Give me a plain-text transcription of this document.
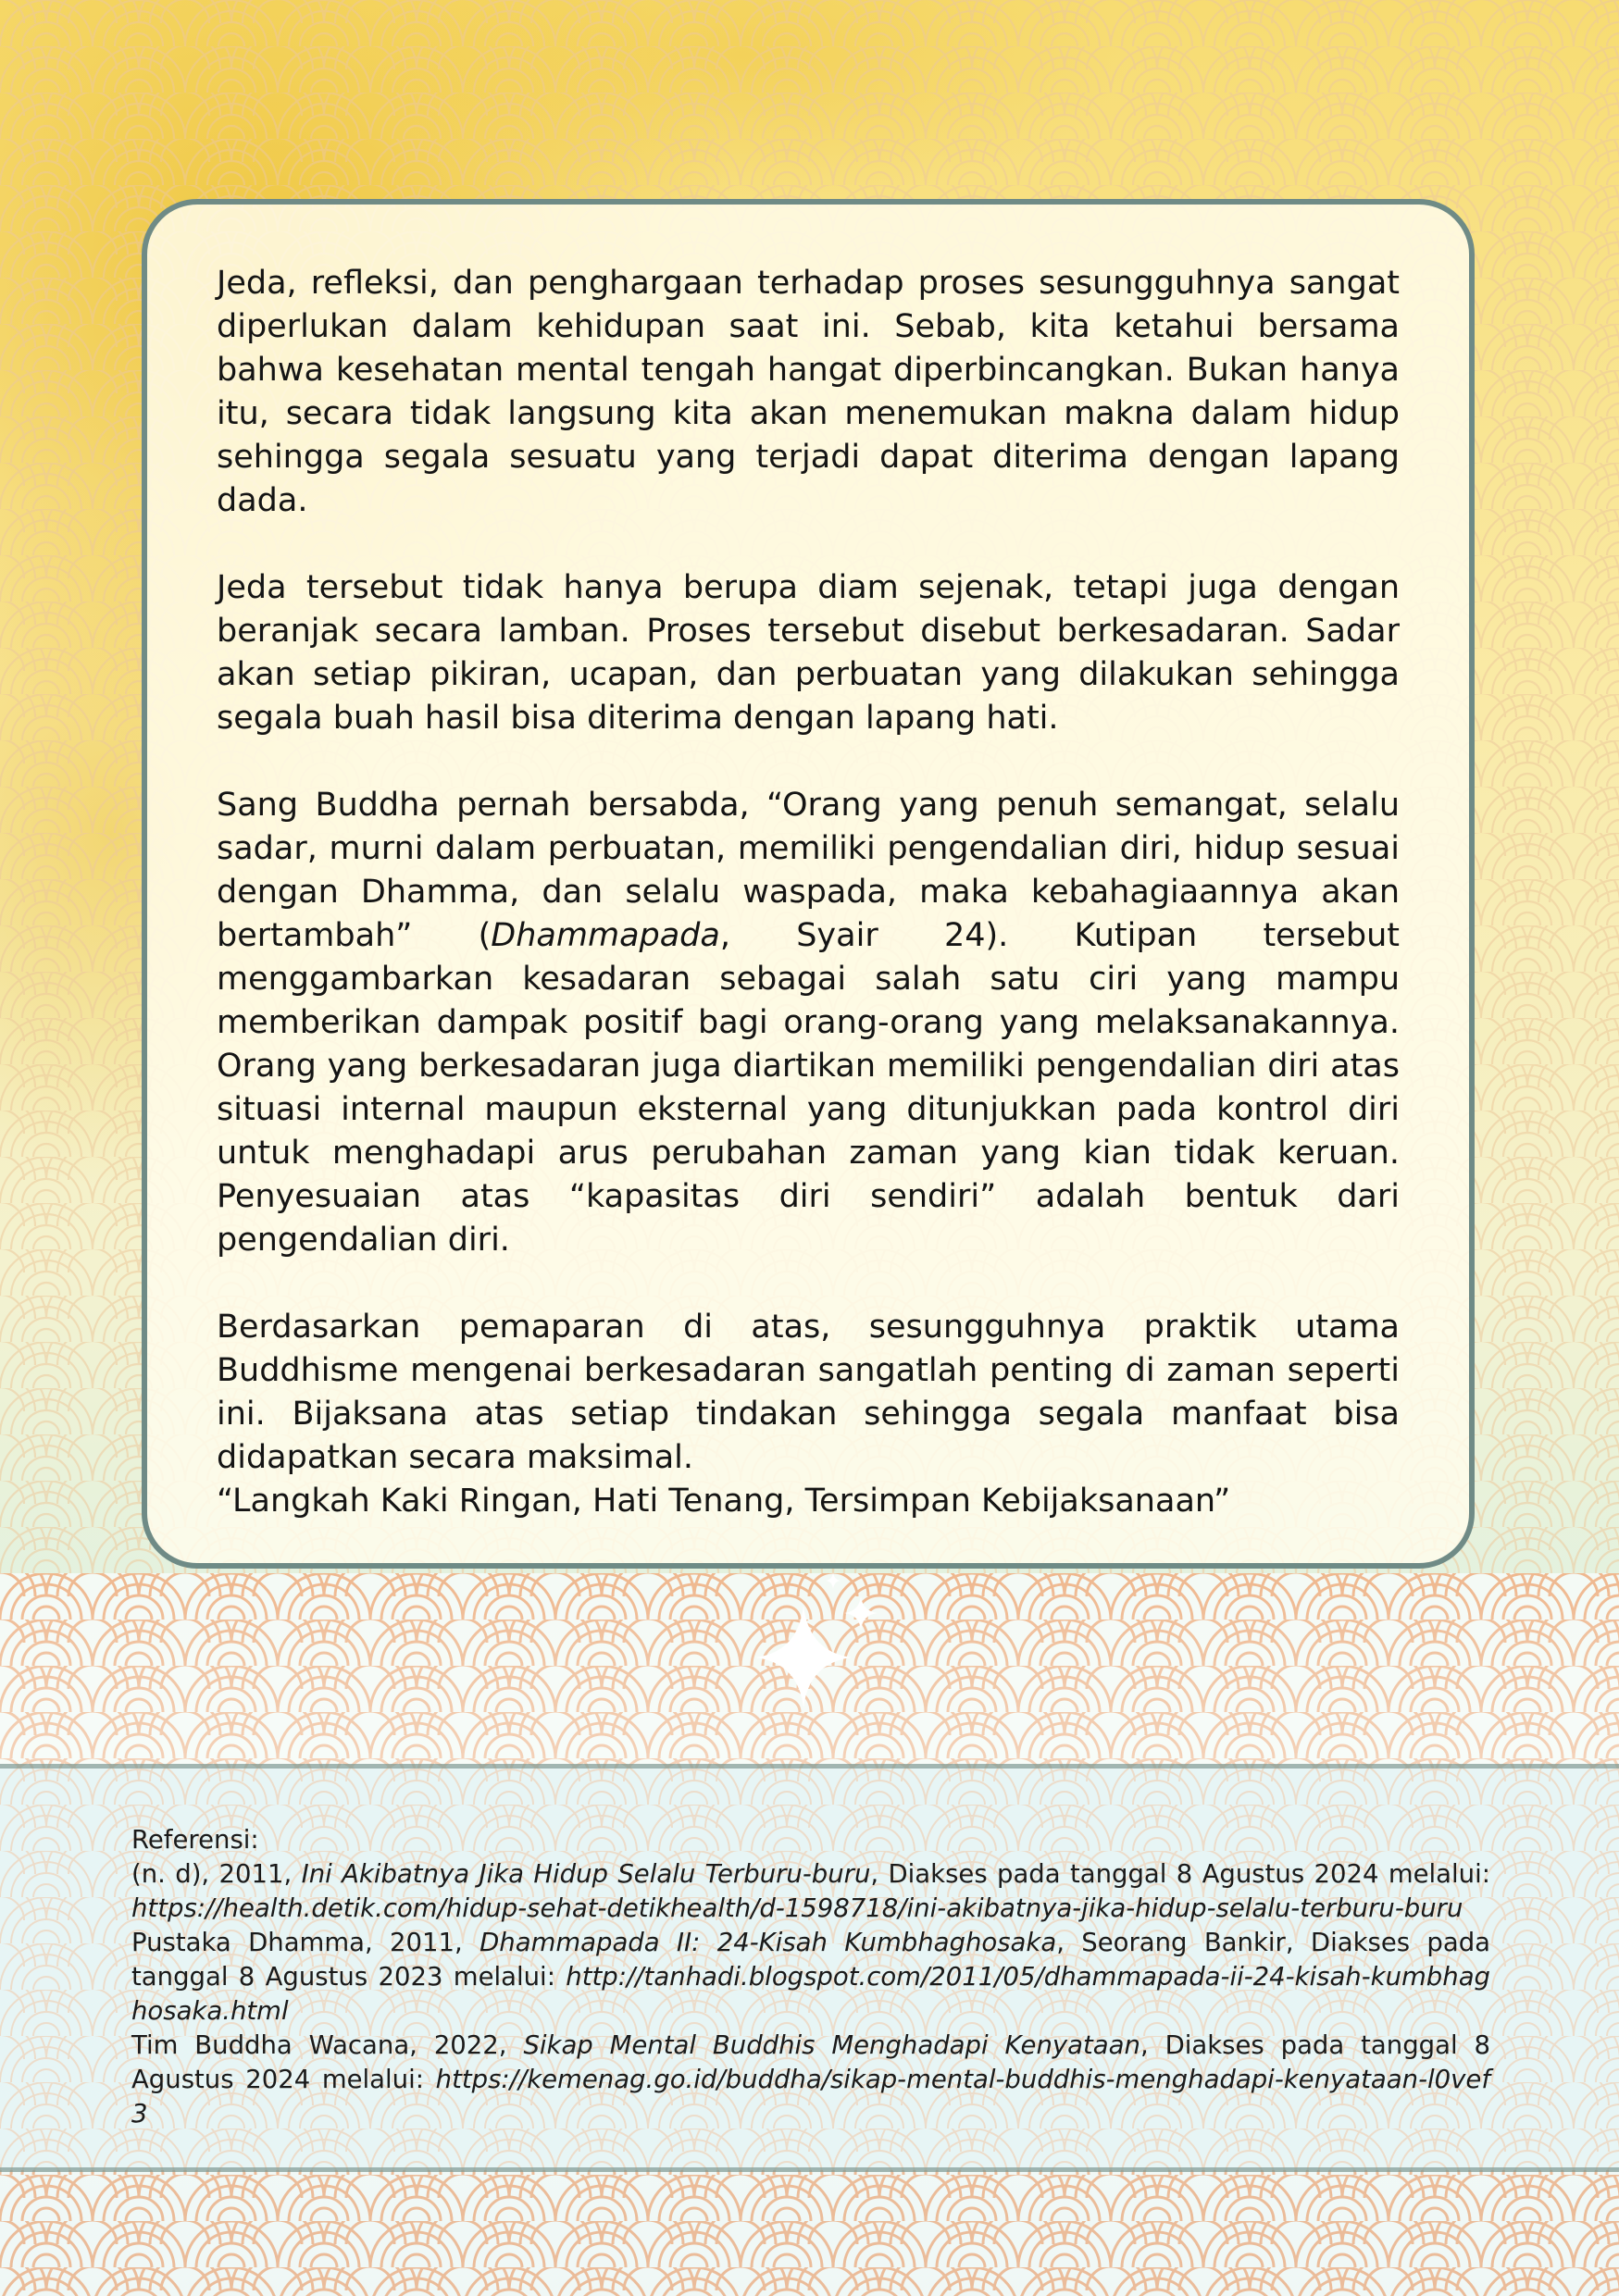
Jeda, refleksi, dan penghargaan terhadap proses sesungguhnya sangat diperlukan dalam kehidupan saat ini. Sebab, kita ketahui bersama bahwa kesehatan mental tengah hangat diperbincangkan. Bukan hanya itu, secara tidak langsung kita akan menemukan makna dalam hidup sehingga segala sesuatu yang terjadi dapat diterima dengan lapang dada.

Jeda tersebut tidak hanya berupa diam sejenak, tetapi juga dengan beranjak secara lamban. Proses tersebut disebut berkesadaran. Sadar akan setiap pikiran, ucapan, dan perbuatan yang dilakukan sehingga segala buah hasil bisa diterima dengan lapang hati.

Sang Buddha pernah bersabda, “Orang yang penuh semangat, selalu sadar, murni dalam perbuatan, memiliki pengendalian diri, hidup sesuai dengan Dhamma, dan selalu waspada, maka kebahagiaannya akan bertambah” (Dhammapada, Syair 24). Kutipan tersebut menggambarkan kesadaran sebagai salah satu ciri yang mampu memberikan dampak positif bagi orang-orang yang melaksanakannya. Orang yang berkesadaran juga diartikan memiliki pengendalian diri atas situasi internal maupun eksternal yang ditunjukkan pada kontrol diri untuk menghadapi arus perubahan zaman yang kian tidak keruan. Penyesuaian atas “kapasitas diri sendiri” adalah bentuk dari pengendalian diri.

Berdasarkan pemaparan di atas, sesungguhnya praktik utama Buddhisme mengenai berkesadaran sangatlah penting di zaman seperti ini. Bijaksana atas setiap tindakan sehingga segala manfaat bisa didapatkan secara maksimal.

“Langkah Kaki Ringan, Hati Tenang, Tersimpan Kebijaksanaan”

Referensi:

(n. d), 2011, Ini Akibatnya Jika Hidup Selalu Terburu-buru, Diakses pada tanggal 8 Agustus 2024 melalui: https://health.detik.com/hidup-sehat-detikhealth/d-1598718/ini-akibatnya-jika-hidup-selalu-terburu-buru

Pustaka Dhamma, 2011, Dhammapada II: 24-Kisah Kumbhaghosaka, Seorang Bankir, Diakses pada tanggal 8 Agustus 2023 melalui: http://tanhadi.blogspot.com/2011/05/dhammapada-ii-24-kisah-kumbhaghosaka.html

Tim Buddha Wacana, 2022, Sikap Mental Buddhis Menghadapi Kenyataan, Diakses pada tanggal 8 Agustus 2024 melalui: https://kemenag.go.id/buddha/sikap-mental-buddhis-menghadapi-kenyataan-l0vef3
